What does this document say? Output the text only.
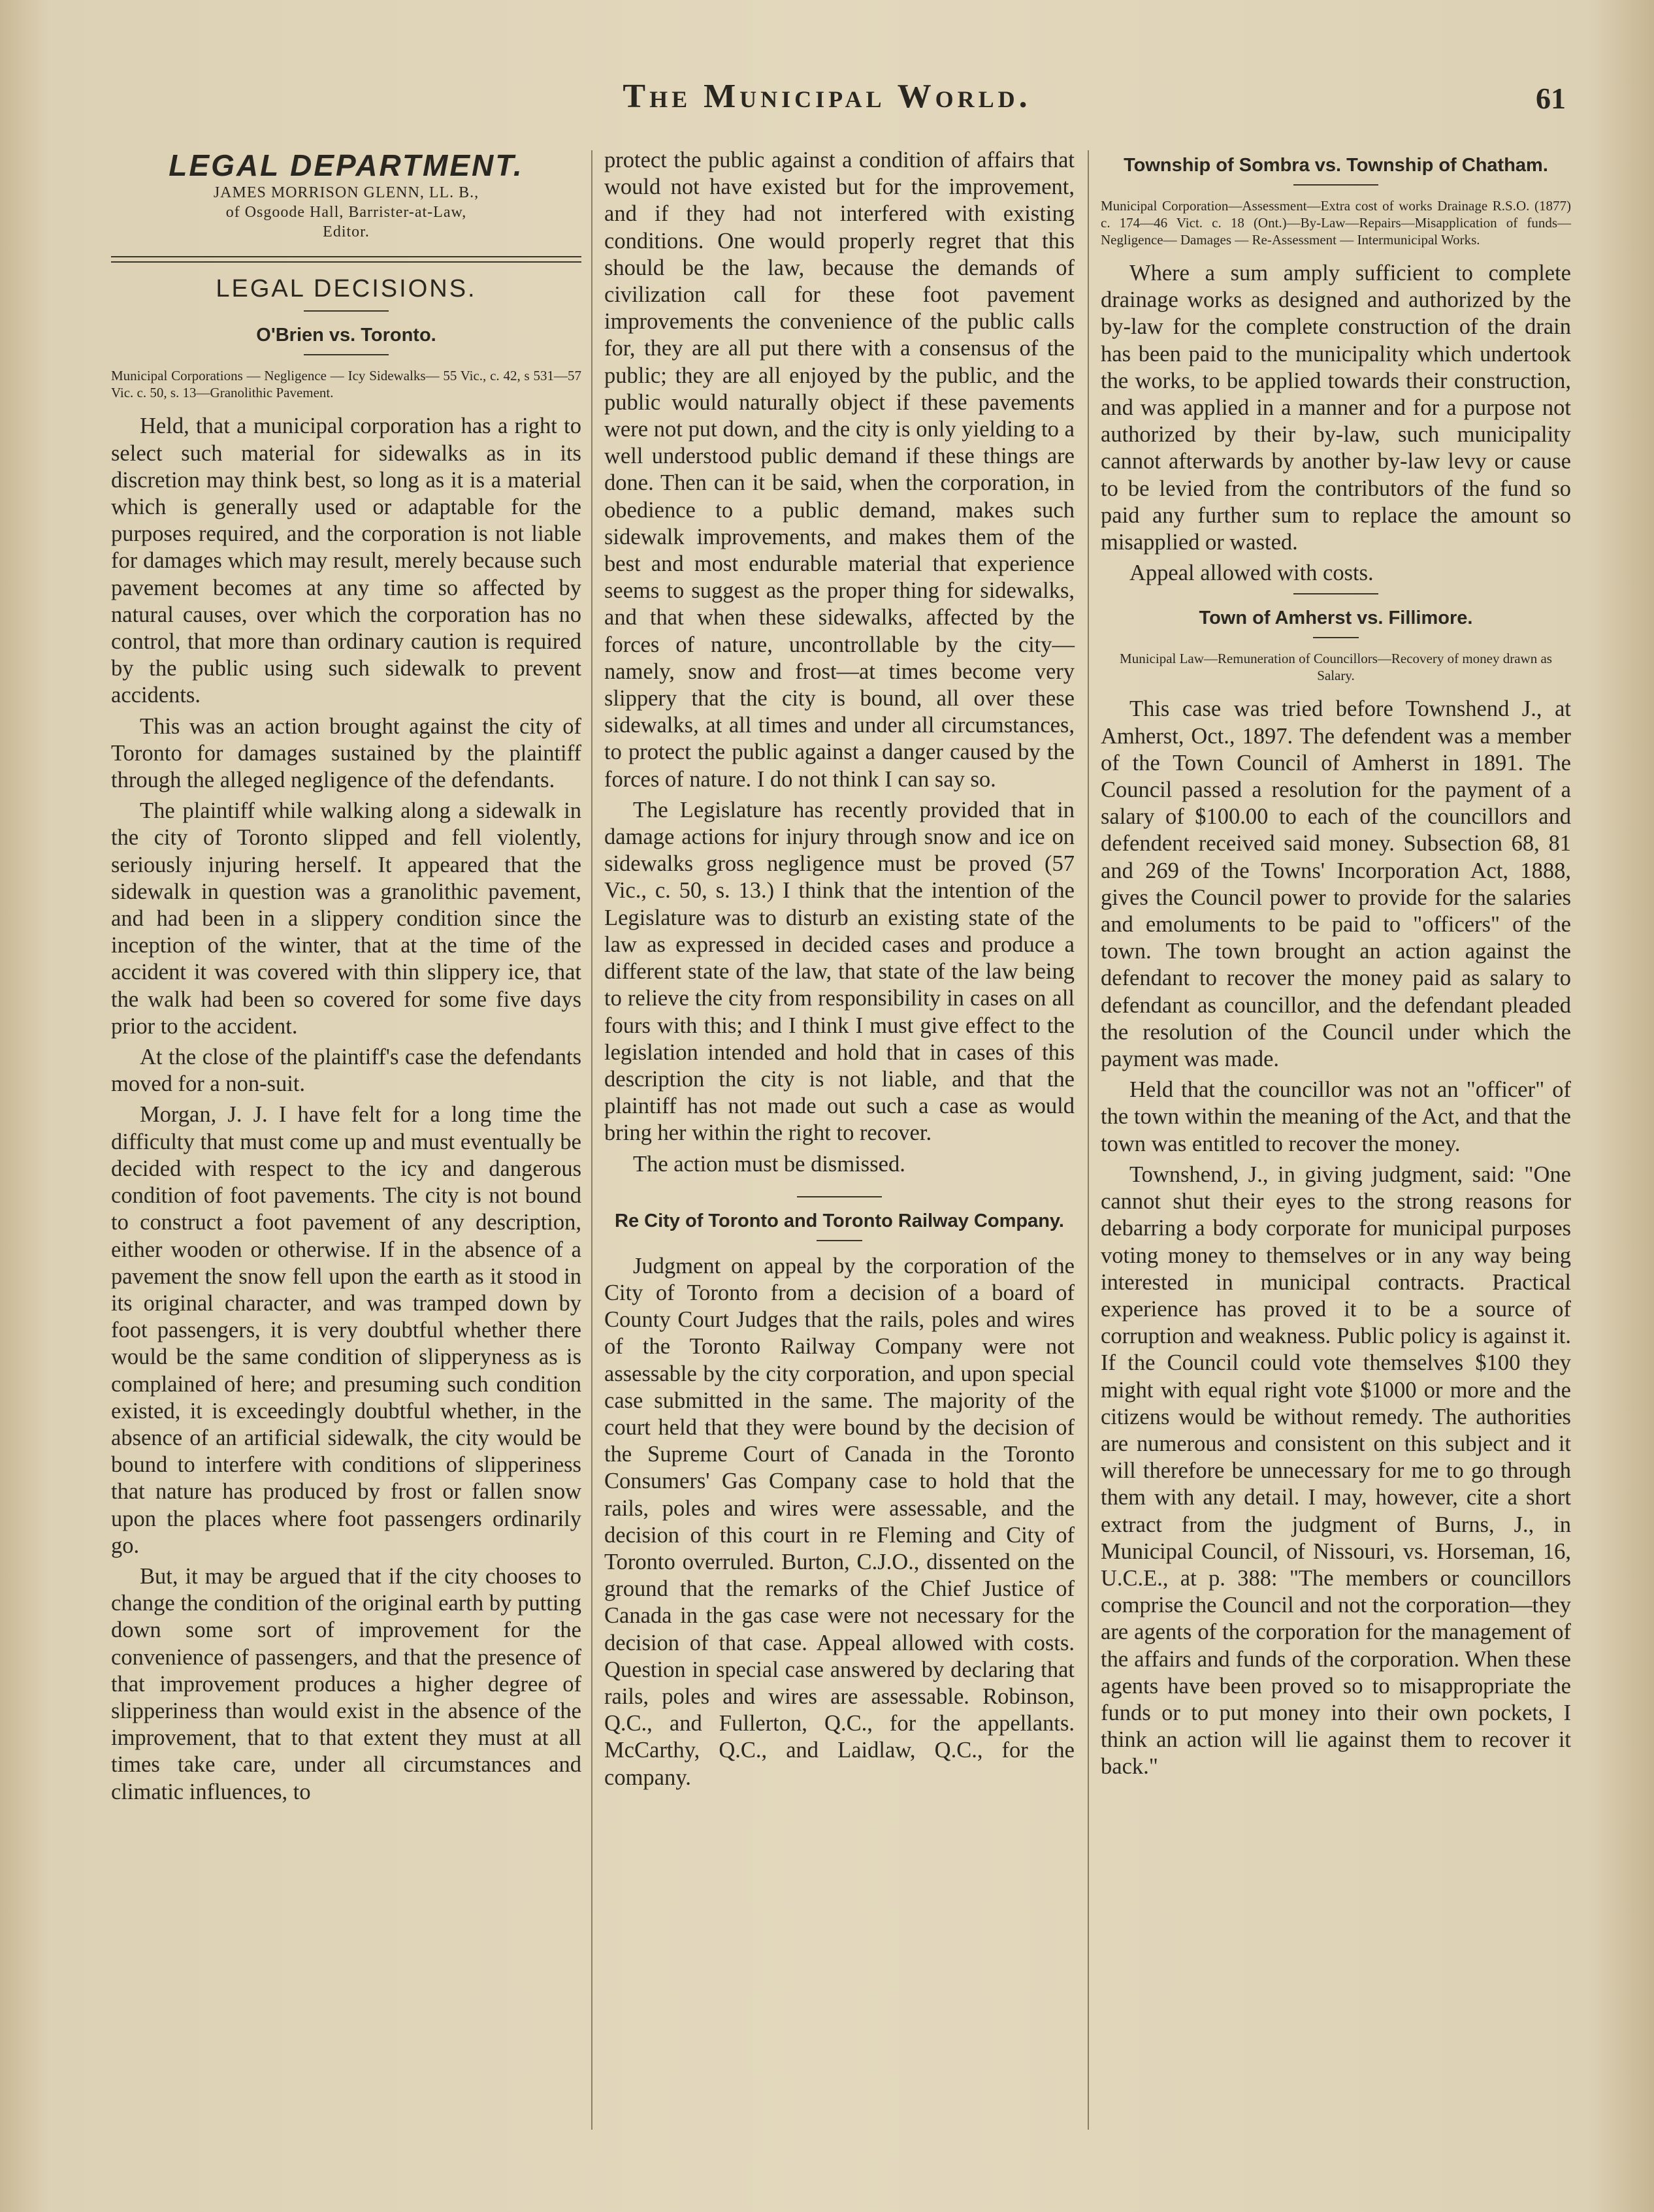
The Municipal World.	61
LEGAL DEPARTMENT.
JAMES MORRISON GLENN, LL. B.,
of Osgoode Hall, Barrister-at-Law,
Editor.
LEGAL DECISIONS.
O'Brien vs. Toronto.

Municipal Corporations — Negligence — Icy Sidewalks— 55 Vic., c. 42, s 531—57 Vic. c. 50, s. 13—Granolithic Pavement.

Held, that a municipal corporation has a right to select such material for sidewalks as in its discretion may think best, so long as it is a material which is generally used or adaptable for the purposes required, and the corporation is not liable for damages which may result, merely because such pavement becomes at any time so affected by natural causes, over which the corporation has no control, that more than ordinary caution is required by the public using such sidewalk to prevent accidents.

This was an action brought against the city of Toronto for damages sustained by the plaintiff through the alleged negligence of the defendants.

The plaintiff while walking along a sidewalk in the city of Toronto slipped and fell violently, seriously injuring herself. It appeared that the sidewalk in question was a granolithic pavement, and had been in a slippery condition since the inception of the winter, that at the time of the accident it was covered with thin slippery ice, that the walk had been so covered for some five days prior to the accident.

At the close of the plaintiff's case the defendants moved for a non-suit.

Morgan, J. J. I have felt for a long time the difficulty that must come up and must eventually be decided with respect to the icy and dangerous condition of foot pavements. The city is not bound to construct a foot pavement of any description, either wooden or otherwise. If in the absence of a pavement the snow fell upon the earth as it stood in its original character, and was tramped down by foot passengers, it is very doubtful whether there would be the same condition of slipperyness as is complained of here; and presuming such condition existed, it is exceedingly doubtful whether, in the absence of an artificial sidewalk, the city would be bound to interfere with conditions of slipperiness that nature has produced by frost or fallen snow upon the places where foot passengers ordinarily go.

But, it may be argued that if the city chooses to change the condition of the original earth by putting down some sort of improvement for the convenience of passengers, and that the presence of that improvement produces a higher degree of slipperiness than would exist in the absence of the improvement, that to that extent they must at all times take care, under all circumstances and climatic influences, to

protect the public against a condition of affairs that would not have existed but for the improvement, and if they had not interfered with existing conditions. One would properly regret that this should be the law, because the demands of civilization call for these foot pavement improvements the convenience of the public calls for, they are all put there with a consensus of the public; they are all enjoyed by the public, and the public would naturally object if these pavements were not put down, and the city is only yielding to a well understood public demand if these things are done. Then can it be said, when the corporation, in obedience to a public demand, makes such sidewalk improvements, and makes them of the best and most endurable material that experience seems to suggest as the proper thing for sidewalks, and that when these sidewalks, affected by the forces of nature, uncontrollable by the city—namely, snow and frost—at times become very slippery that the city is bound, all over these sidewalks, at all times and under all circumstances, to protect the public against a danger caused by the forces of nature. I do not think I can say so.

The Legislature has recently provided that in damage actions for injury through snow and ice on sidewalks gross negligence must be proved (57 Vic., c. 50, s. 13.) I think that the intention of the Legislature was to disturb an existing state of the law as expressed in decided cases and produce a different state of the law, that state of the law being to relieve the city from responsibility in cases on all fours with this; and I think I must give effect to the legislation intended and hold that in cases of this description the city is not liable, and that the plaintiff has not made out such a case as would bring her within the right to recover.

The action must be dismissed.

Re City of Toronto and Toronto Railway Company.

Judgment on appeal by the corporation of the City of Toronto from a decision of a board of County Court Judges that the rails, poles and wires of the Toronto Railway Company were not assessable by the city corporation, and upon special case submitted in the same. The majority of the court held that they were bound by the decision of the Supreme Court of Canada in the Toronto Consumers' Gas Company case to hold that the rails, poles and wires were assessable, and the decision of this court in re Fleming and City of Toronto overruled. Burton, C.J.O., dissented on the ground that the remarks of the Chief Justice of Canada in the gas case were not necessary for the decision of that case. Appeal allowed with costs. Question in special case answered by declaring that rails, poles and wires are assessable. Robinson, Q.C., and Fullerton, Q.C., for the appellants. McCarthy, Q.C., and Laidlaw, Q.C., for the company.

Township of Sombra vs. Township of Chatham.

Municipal Corporation—Assessment—Extra cost of works Drainage R.S.O. (1877) c. 174—46 Vict. c. 18 (Ont.)—By-Law—Repairs—Misapplication of funds—Negligence— Damages — Re-Assessment — Intermunicipal Works.

Where a sum amply sufficient to complete drainage works as designed and authorized by the by-law for the complete construction of the drain has been paid to the municipality which undertook the works, to be applied towards their construction, and was applied in a manner and for a purpose not authorized by their by-law, such municipality cannot afterwards by another by-law levy or cause to be levied from the contributors of the fund so paid any further sum to replace the amount so misapplied or wasted.

Appeal allowed with costs.

Town of Amherst vs. Fillimore.

Municipal Law—Remuneration of Councillors—Recovery of money drawn as Salary.

This case was tried before Townshend J., at Amherst, Oct., 1897. The defendent was a member of the Town Council of Amherst in 1891. The Council passed a resolution for the payment of a salary of $100.00 to each of the councillors and defendent received said money. Subsection 68, 81 and 269 of the Towns' Incorporation Act, 1888, gives the Council power to provide for the salaries and emoluments to be paid to "officers" of the town. The town brought an action against the defendant to recover the money paid as salary to defendant as councillor, and the defendant pleaded the resolution of the Council under which the payment was made.

Held that the councillor was not an "officer" of the town within the meaning of the Act, and that the town was entitled to recover the money.

Townshend, J., in giving judgment, said: "One cannot shut their eyes to the strong reasons for debarring a body corporate for municipal purposes voting money to themselves or in any way being interested in municipal contracts. Practical experience has proved it to be a source of corruption and weakness. Public policy is against it. If the Council could vote themselves $100 they might with equal right vote $1000 or more and the citizens would be without remedy. The authorities are numerous and consistent on this subject and it will therefore be unnecessary for me to go through them with any detail. I may, however, cite a short extract from the judgment of Burns, J., in Municipal Council, of Nissouri, vs. Horseman, 16, U.C.E., at p. 388: "The members or councillors comprise the Council and not the corporation—they are agents of the corporation for the management of the affairs and funds of the corporation. When these agents have been proved so to misappropriate the funds or to put money into their own pockets, I think an action will lie against them to recover it back."
